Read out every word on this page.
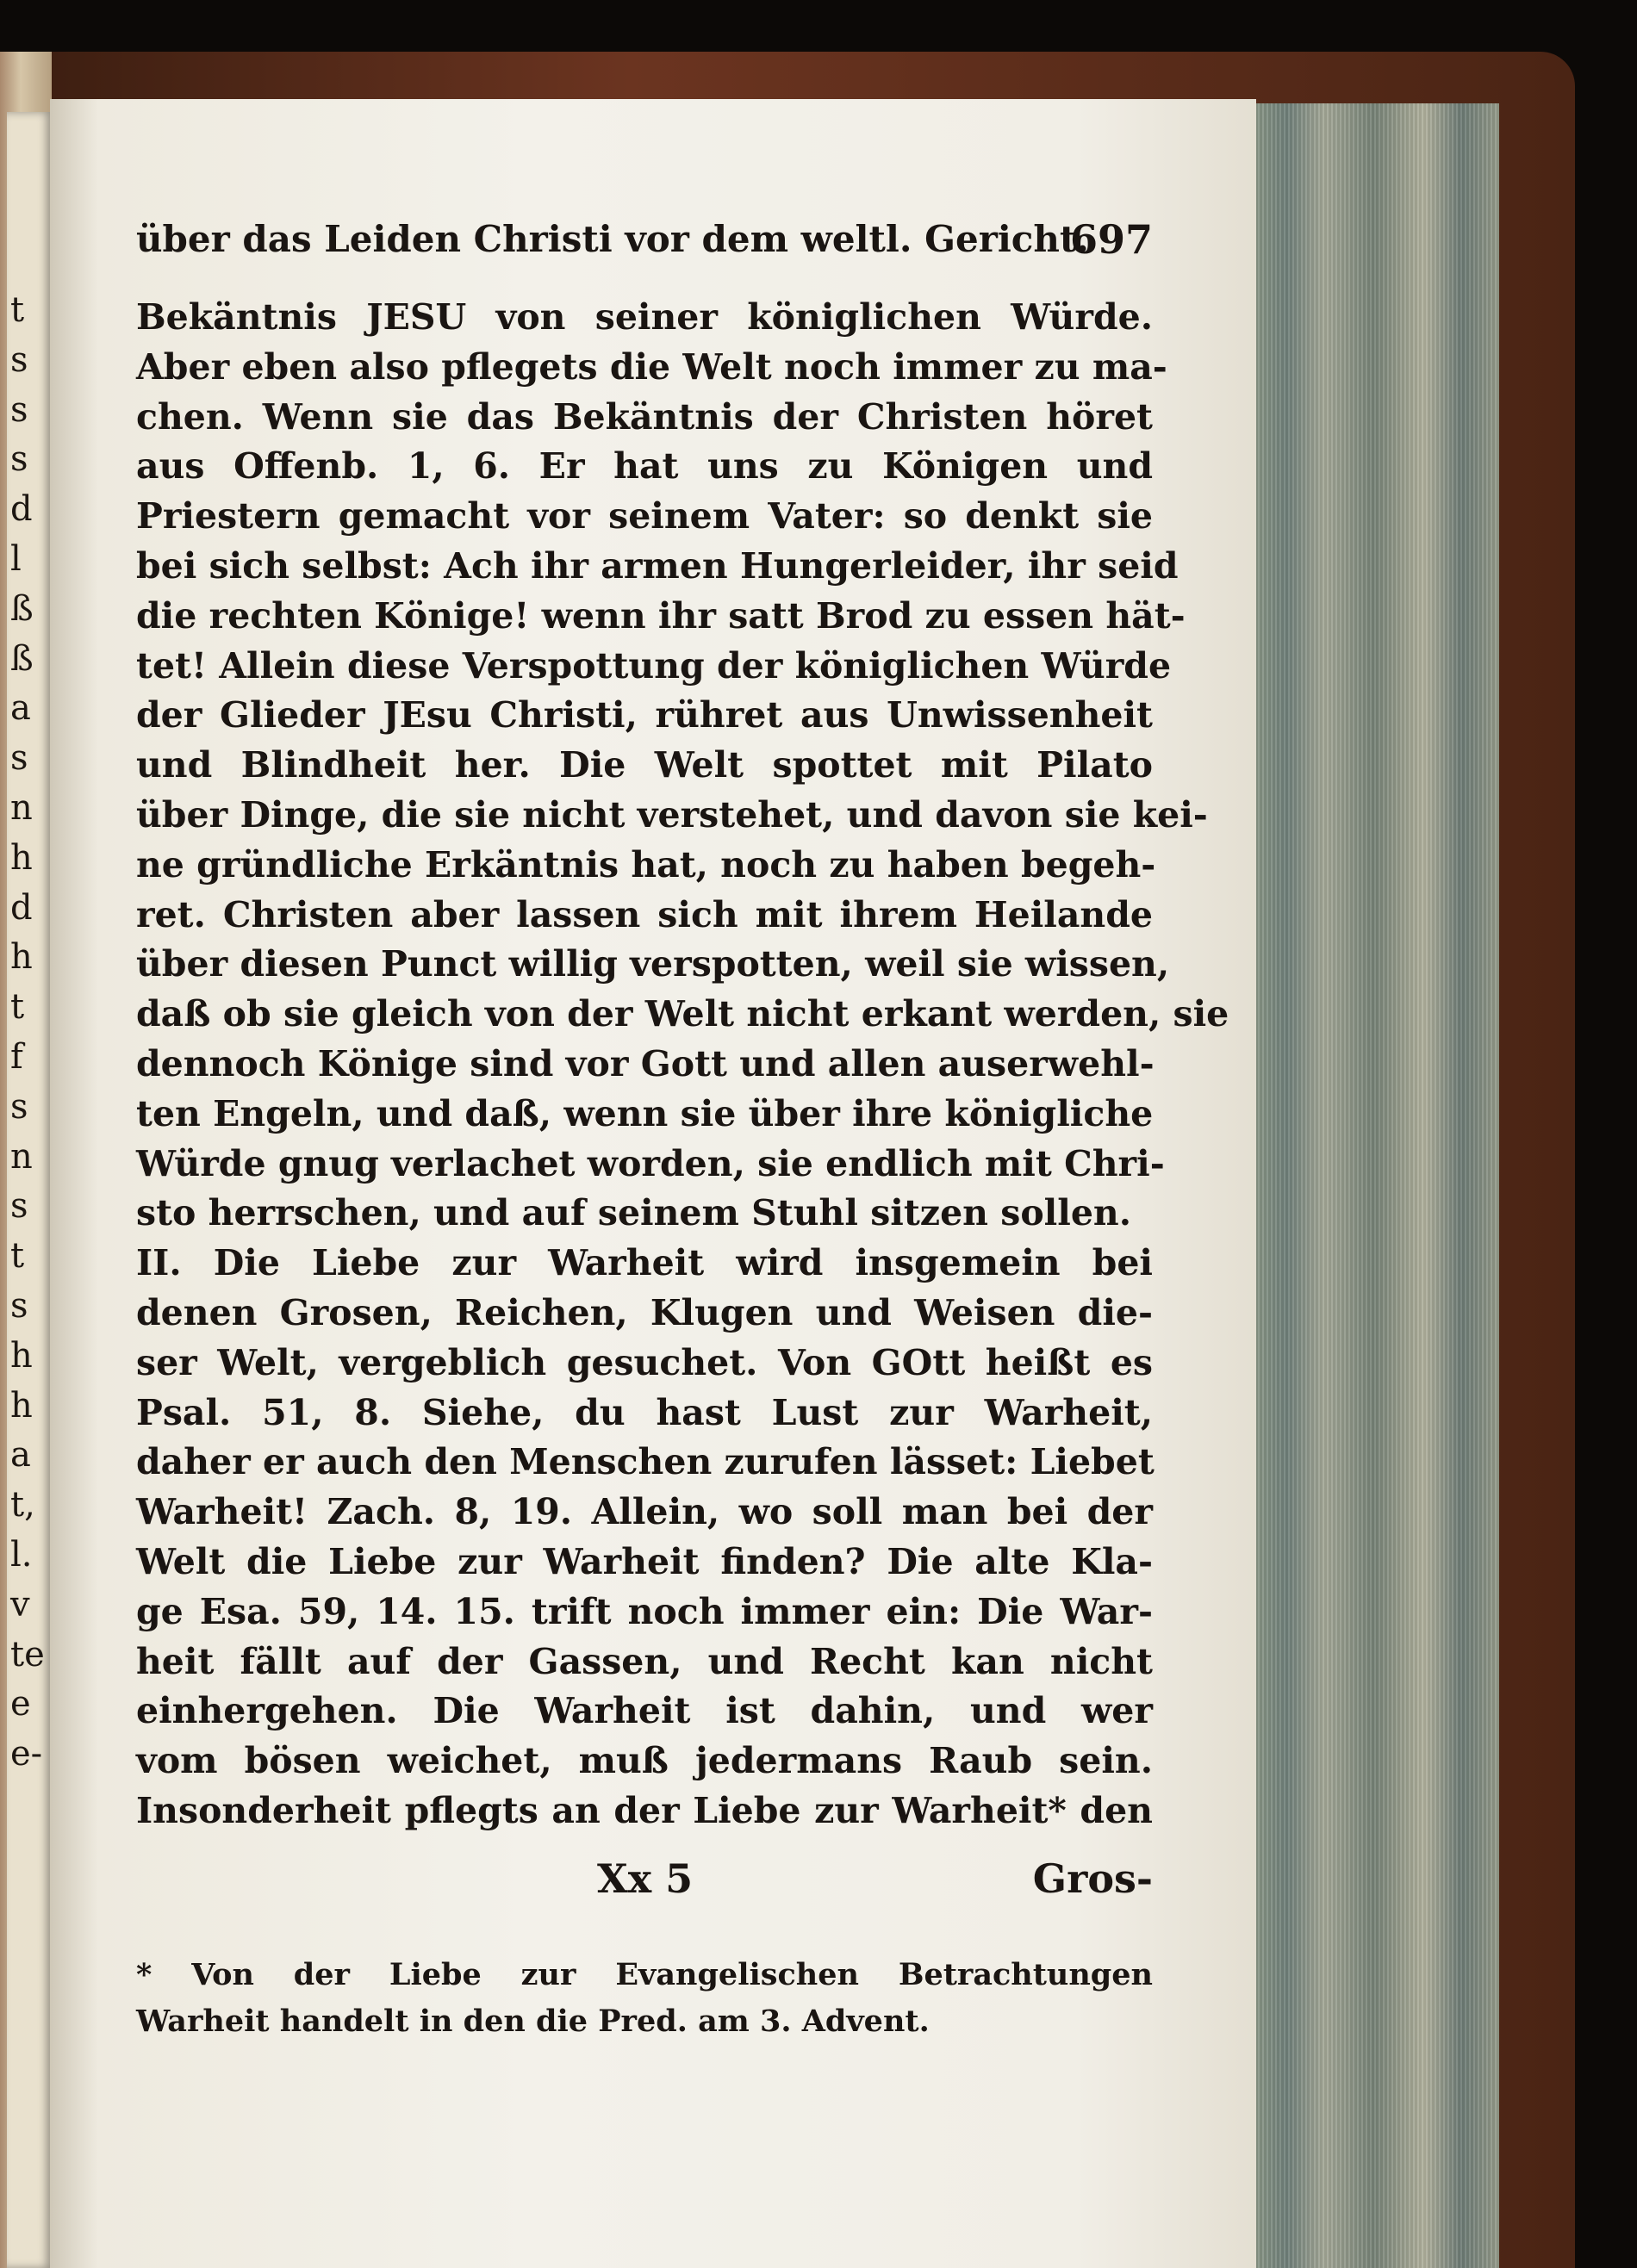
t
s
s
s
d
l
ß
ß
a
s
n
h
d
h
t
f
s
n
s
t
s
h
h
a
t,
l.
v
te
e
e-
über das Leiden Christi vor dem weltl. Gericht.
697
Bekäntnis JESU von seiner königlichen Würde.
Aber eben also pflegets die Welt noch immer zu ma-
chen. Wenn sie das Bekäntnis der Christen höret
aus Offenb. 1, 6. Er hat uns zu Königen und
Priestern gemacht vor seinem Vater: so denkt sie
bei sich selbst: Ach ihr armen Hungerleider, ihr seid
die rechten Könige! wenn ihr satt Brod zu essen hät-
tet! Allein diese Verspottung der königlichen Würde
der Glieder JEsu Christi, rühret aus Unwissenheit
und Blindheit her. Die Welt spottet mit Pilato
über Dinge, die sie nicht verstehet, und davon sie kei-
ne gründliche Erkäntnis hat, noch zu haben begeh-
ret. Christen aber lassen sich mit ihrem Heilande
über diesen Punct willig verspotten, weil sie wissen,
daß ob sie gleich von der Welt nicht erkant werden, sie
dennoch Könige sind vor Gott und allen auserwehl-
ten Engeln, und daß, wenn sie über ihre königliche
Würde gnug verlachet worden, sie endlich mit Chri-
sto herrschen, und auf seinem Stuhl sitzen sollen.
II. Die Liebe zur Warheit wird insgemein bei
denen Grosen, Reichen, Klugen und Weisen die-
ser Welt, vergeblich gesuchet. Von GOtt heißt es
Psal. 51, 8. Siehe, du hast Lust zur Warheit,
daher er auch den Menschen zurufen lässet: Liebet
Warheit! Zach. 8, 19. Allein, wo soll man bei der
Welt die Liebe zur Warheit finden? Die alte Kla-
ge Esa. 59, 14. 15. trift noch immer ein: Die War-
heit fällt auf der Gassen, und Recht kan nicht
einhergehen. Die Warheit ist dahin, und wer
vom bösen weichet, muß jedermans Raub sein.
Insonderheit pflegts an der Liebe zur Warheit* den
Xx 5	Gros-
* Von der Liebe zur Evangelischen Betrachtungen
Warheit handelt in den die Pred. am 3. Advent.
